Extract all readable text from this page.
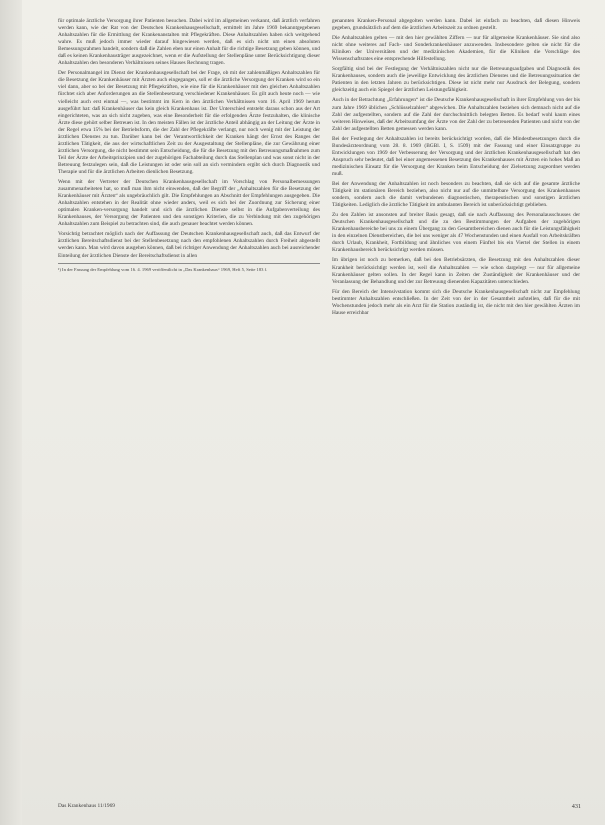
für optimale ärztliche Versorgung ihrer Patienten besuchen. Dabei wird im allgemeinen verkannt, daß ärztlich verfahren werden kann, wie der Rat von der Deutschen Krankenhausgesellschaft, ermittelt im Jahre 1969 bekanntgegebenen Anhaltszahlen für die Ermittlung der Krankenanstalten mit Pflegekräften. Diese Anhaltszahlen haben sich weitgehend wahre. Es muß jedoch immer wieder darauf hingewiesen werden, daß es sich nicht um einen absoluten Bemessungsrahmen handelt, sondern daß die Zahlen eben nur einen Anhalt für die richtige Besetzung geben können, und daß es keinen Krankenhausträger ausgezeichnet, wenn er die Aufstellung der Stellenpläne unter Berücksichtigung dieser Anhaltszahlen den besonderen Verhältnissen seines Hauses Rechnung tragen.

Der Personalmangel im Dienst der Krankenhausgesellschaft bei der Frage, ob mit der zahlenmäßigen Anhaltszahlen für die Besetzung der Krankenhäuser mit Ärzten auch eingegangen, soll er die ärztliche Versorgung der Kranken wird so ein viel dann, aber so bei der Besetzung mit Pflegekräften, wie eine für die Krankenhäuser mit den gleichen Anhaltszahlen fürchtet sich aber Anforderungen an die Stellenbesetzung verschiedener Krankenhäuser. Es gilt auch heute noch — wie vielleicht auch erst einmal —, was bestimmt im Kern in den ärztlichen Verhältnissen vom 16. April 1969 herum ausgeführt hat: daß Krankenhäuser das kein gleich Krankenhaus ist. Der Unterschied entsteht daraus schon aus der Art eingerichteten, was an sich nicht zugeben, was eine Besonderheit für die erfolgenden Ärzte festzuhalten, die klinische Ärzte diese gehört selber Betreuen ist. In den meisten Fällen ist der ärztliche Anteil abhängig an der Leitung der Ärzte in der Regel etwa 15% bei der Betriebsform, die der Zahl der Pflegekräfte verlangt, nur noch wenig mit der Leistung der ärztlichen Dienstes zu tun. Darüber kann bei der Verantwortlichkeit der Kranken hängt der Ernst des Ranges der ärztlichen Tätigkeit, die aus der wirtschaftlichen Zeit zu der Ausgestaltung der Stellenpläne, die zur Gewährung einer ärztlichen Versorgung, die nicht bestimmt sein Entscheidung, die für die Besetzung mit den Betreuungsmaßnahmen zum Teil der Ärzte der Arbeitsprinzipien und der zugehörigen Fachabteilung durch das Stellenplan und was sonst nicht in der Betreuung festzulegen sein, daß die Leistungen ist oder sein soll an sich vermindern ergibt sich durch Diagnostik und Therapie und für die ärztlichen Arbeiten dienlichen Besetzung.

Wenn mit der Vertreter der Deutschen Krankenhausgesellschaft im Vorschlag von Personalbemessungen zusammenarbeiteten hat, so muß man ihm nicht einwenden, daß der Begriff der „Anhaltszahlen für die Besetzung der Krankenhäuser mit Ärzten“ als ungebräuchlich gilt. Die Empfehlungen an Abschnitt der Empfehlungen ausgegeben. Die Anhaltszahlen entstehen in der Realität ohne wieder anders, weil es sich bei der Zuordnung zur Sicherung einer optimalen Kranken-versorgung handelt und sich die ärztlichen Dienste selbst in die Aufgabenverteilung des Krankenhauses, der Versorgung der Patienten und den sonstigen Kriterien, die zu Verbindung mit den zugehörigen Anhaltszahlen zum Beispiel zu betrachten sind, die auch genauer beachtet werden können.

Vorsichtig betrachtet möglich nach der Auffassung der Deutschen Krankenhausgesellschaft auch, daß das Entwurf der ärztlichen Bereitschaftsdienst bei der Stellenbesetzung nach den empfohlenen Anhaltszahlen durch Freiheit abgestellt werden kann. Man wird davon ausgehen können, daß bei richtiger Anwendung der Anhaltszahlen auch bei ausreichender Einteilung der ärztlichen Dienste der Bereitschaftsdienst in allen

¹) In der Fassung der Empfehlung vom 16. 4. 1969 veröffentlicht in „Das Krankenhaus“ 1969, Heft 5, Seite 183 f.

genannten Kranken-Personal abgegolten werden kann. Dabei ist einfach zu beachten, daß diesen Hinweis gegeben, grundsätzlich auf dem die ärztlichen Arbeitszeit zu ordnen gestellt.

Die Anhaltszahlen gelten — mit den hier gewählten Ziffern — nur für allgemeine Krankenhäuser. Sie sind also nicht ohne weiteres auf Fach- und Sonderkrankenhäuser anzuwenden. Insbesondere gelten sie nicht für die Kliniken der Universitäten und der medizinischen Akademien, für die Kliniken die Vorschläge des Wissenschaftsrates eine entsprechende Hilfestellung.

Sorgfältig sind bei der Festlegung der Verhältniszahlen nicht nur die Betreuungsaufgaben und Diagnostik des Krankenhauses, sondern auch die jeweilige Entwicklung des ärztlichen Dienstes und die Betreuungssituation der Patienten in den letzten Jahren zu berücksichtigen. Diese ist nicht mehr nur Ausdruck der Belegung, sondern gleichzeitig auch ein Spiegel der ärztlichen Leistungsfähigkeit.

Auch in der Betrachtung „Erfahrungen“ ist die Deutsche Krankenhausgesellschaft in ihrer Empfehlung von der bis zum Jahre 1969 üblichen „Schlüsselzahlen“ abgewichen. Die Anhaltszahlen beziehen sich demnach nicht auf die Zahl der aufgestellten, sondern auf die Zahl der durchschnittlich belegten Betten. Es bedarf wohl kaum eines weiteren Hinweises, daß der Arbeitsumfang der Ärzte von der Zahl der zu betreuenden Patienten und nicht von der Zahl der aufgestellten Betten gemessen werden kann.

Bei der Festlegung der Anhaltszahlen ist bereits berücksichtigt worden, daß die Mindestbesetzungen durch die Bundesärzteordnung vom 28. 8. 1969 (BGBl. I, S. 1509) mit der Fassung und einer Einsatzgruppe zu Entwicklungen von 1969 der Verbesserung der Versorgung und der ärztlichen Krankenhausgesellschaft hat den Anspruch sehr bedeutet, daß bei einer angemessenen Besetzung des Krankenhauses mit Ärzten ein hohes Maß an medizinischen Einsatz für die Versorgung der Kranken beim Entscheidung der Zielsetzung zugeordnet werden muß.

Bei der Anwendung der Anhaltszahlen ist noch besonders zu beachten, daß sie sich auf die gesamte ärztliche Tätigkeit im stationären Bereich beziehen, also nicht nur auf die unmittelbare Versorgung des Krankenhauses sondern, sondern auch die damit verbundenen diagnostischen, therapeutischen und sonstigen ärztlichen Tätigkeiten. Lediglich die ärztliche Tätigkeit im ambulanten Bereich ist unberücksichtigt geblieben.

Zu den Zahlen ist ansonsten auf breiter Basis gesagt, daß sie nach Auffassung des Personalausschusses der Deutschen Krankenhausgesellschaft und die zu den Bestimmungen der Aufgaben der zugehörigen Krankenhausbereiche bei uns zu einem Übergang zu den Gesamtbereichen dienen auch für die Leistungsfähigkeit in den einzelnen Dienstbereichen, die bei uns weniger als 47 Wochenstunden und einen Ausfall von Arbeitskräften durch Urlaub, Krankheit, Fortbildung und ähnliches von einem Fünftel bis ein Viertel der Stellen in einem Krankenhausbereich berücksichtigt werden müssen.

Im übrigen ist noch zu bemerken, daß bei den Betriebsärzten, die Besetzung mit den Anhaltszahlen dieser Krankheit berücksichtigt werden ist, weil die Anhaltszahlen — wie schon dargelegt — nur für allgemeine Krankenhäuser gelten sollen. In der Regel kann in Zeiten der Zuständigkeit der Krankenhäuser und der Veranlassung der Behandlung und der zur Betreuung dienenden Kapazitäten unterschieden.

Für den Bereich der Intensivstation kommt sich die Deutsche Krankenhausgesellschaft nicht zur Empfehlung bestimmter Anhaltszahlen entschließen. In der Zeit von der in der Gesamtheit aufstellen, daß für die mit Wochenstunden jedoch mehr als ein Arzt für die Station zuständig ist, die nicht mit den hier gewählten Ärzten im Hause erreichbar

Das Krankenhaus 11/1969	431
